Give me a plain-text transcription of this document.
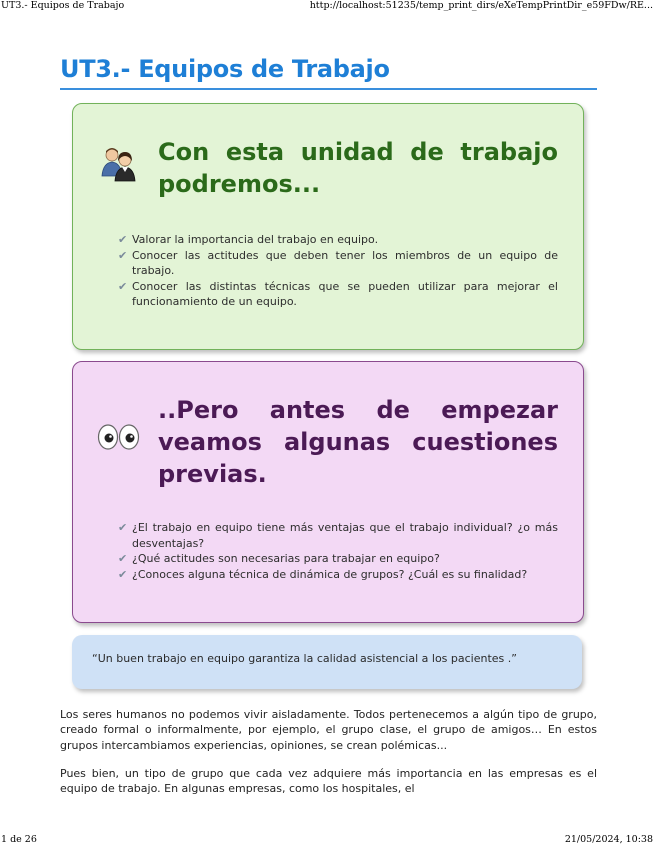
UT3.- Equipos de Trabajo	http://localhost:51235/temp_print_dirs/eXeTempPrintDir_e59FDw/RE...
UT3.- Equipos de Trabajo
Con esta unidad de trabajo podremos...
✔ Valorar la importancia del trabajo en equipo.
✔ Conocer las actitudes que deben tener los miembros de un equipo de trabajo.
✔ Conocer las distintas técnicas que se pueden utilizar para mejorar el funcionamiento de un equipo.
..Pero antes de empezar veamos algunas cuestiones previas.
✔ ¿El trabajo en equipo tiene más ventajas que el trabajo individual? ¿o más desventajas?
✔ ¿Qué actitudes son necesarias para trabajar en equipo?
✔ ¿Conoces alguna técnica de dinámica de grupos? ¿Cuál es su finalidad?

“Un buen trabajo en equipo garantiza la calidad asistencial a los pacientes .”

Los seres humanos no podemos vivir aisladamente. Todos pertenecemos a algún tipo de grupo, creado formal o informalmente, por ejemplo, el grupo clase, el grupo de amigos… En estos grupos intercambiamos experiencias, opiniones, se crean polémicas...

Pues bien, un tipo de grupo que cada vez adquiere más importancia en las empresas es el equipo de trabajo. En algunas empresas, como los hospitales, el

1 de 26	21/05/2024, 10:38
